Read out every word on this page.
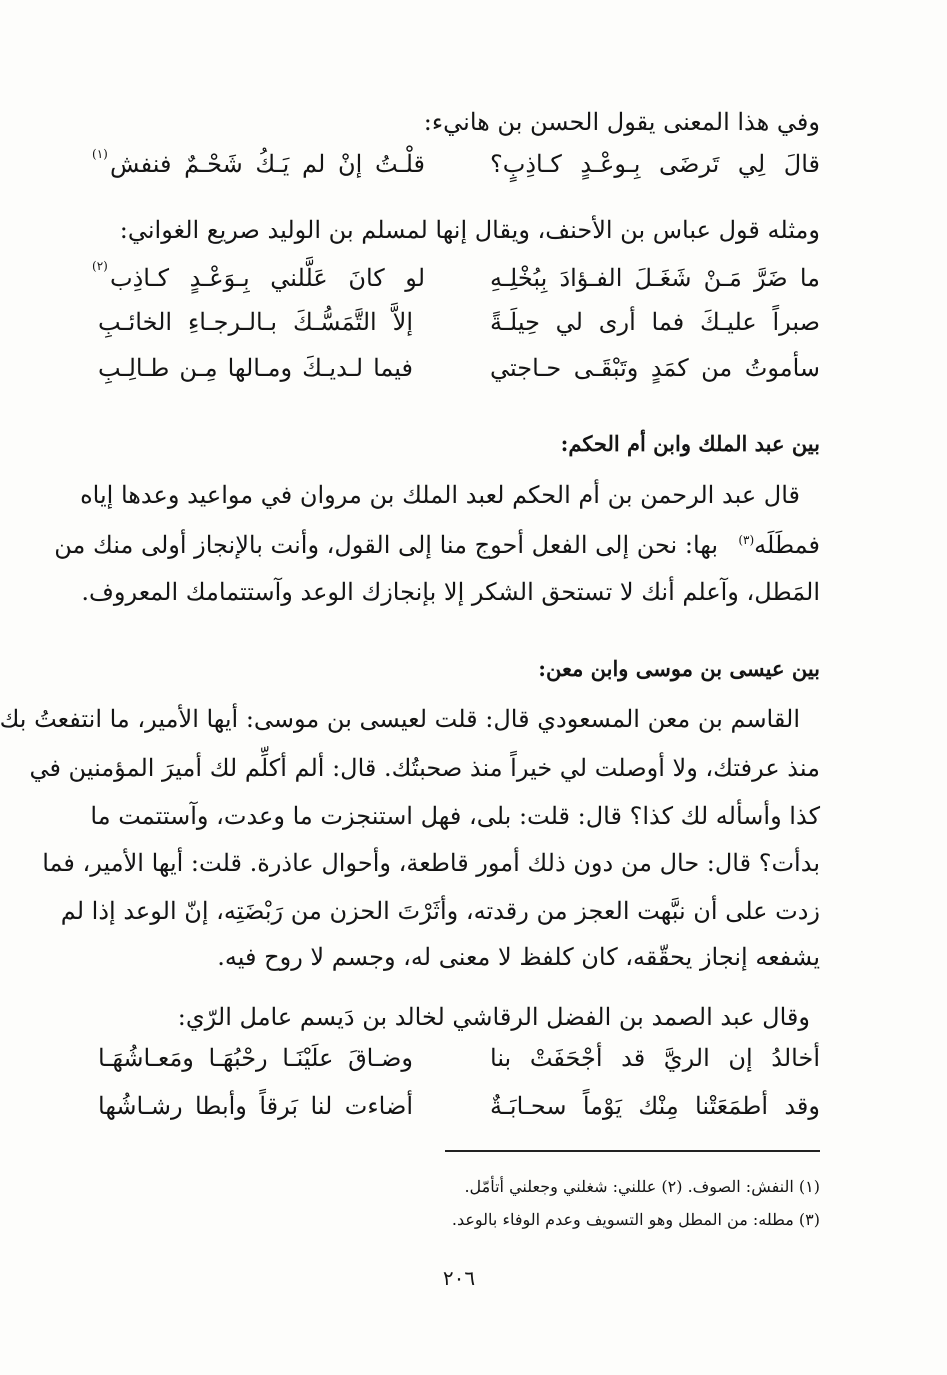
وفي هذا المعنى يقول الحسن بن هانيء:
قالَ لِي تَرضَى بِـوعْـدٍ كـاذِبٍ؟
قلْـتُ إنْ لم يَـكُ شَحْـمٌ فنفش
(١)
ومثله قول عباس بن الأحنف، ويقال إنها لمسلم بن الوليد صريع الغواني:
ما ضَرَّ مَـنْ شَغَـلَ الفـؤادَ بِبُخْلِـهِ
لو كانَ عَلَّلني بِـوَعْـدٍ كـاذِب
(٢)
صبراً عليـكَ فما أرى لي حِيلَـةً
إلاَّ التَّمَسُّـكَ بـالـرجـاءِ الخائـبِ
سأموتُ من كمَدٍ وتَبْقَـى حـاجتي
فيما لـديـكَ ومـالها مِـن طـالِـبِ
بين عبد الملك وابن أم الحكم:
قال عبد الرحمن بن أم الحكم لعبد الملك بن مروان في مواعيد وعدها إياه
فمطَلَه$^{(٣)}$
بها: نحن إلى الفعل أحوج منا إلى القول، وأنت بالإنجاز أولى منك من
المَطل، وآعلم أنك لا تستحق الشكر إلا بإنجازك الوعد وآستتمامك المعروف.
بين عيسى بن موسى وابن معن:
القاسم بن معن المسعودي قال: قلت لعيسى بن موسى: أيها الأمير، ما انتفعتُ بك
منذ عرفتك، ولا أوصلت لي خيراً منذ صحبتُك. قال: ألم أكلِّم لك أميرَ المؤمنين في
كذا وأسأله لك كذا؟ قال: قلت: بلى، فهل استنجزت ما وعدت، وآستتمت ما
بدأت؟ قال: حال من دون ذلك أمور قاطعة، وأحوال عاذرة. قلت: أيها الأمير، فما
زدت على أن نبَّهت العجز من رقدته، وأثَرْتَ الحزن من رَبْضَتِه، إنّ الوعد إذا لم
يشفعه إنجاز يحقّقه، كان كلفظ لا معنى له، وجسم لا روح فيه.
وقال عبد الصمد بن الفضل الرقاشي لخالد بن دَيسم عامل الرّي:
أخالدُ إن الريَّ قد أجْحَفَتْ بنا
وضـاقَ علَيْنَـا رحْبُهَـا ومَعـاشُهَـا
وقد أطمَعَتْنا مِنْك يَوْماً سحـابَـةٌ
أضاءت لنا بَرقاً وأبطا رشـاشُها
(١) النفش: الصوف. (٢) عللني: شغلني وجعلني أتأمّل.
(٣) مطله: من المطل وهو التسويف وعدم الوفاء بالوعد.
٢٠٦
